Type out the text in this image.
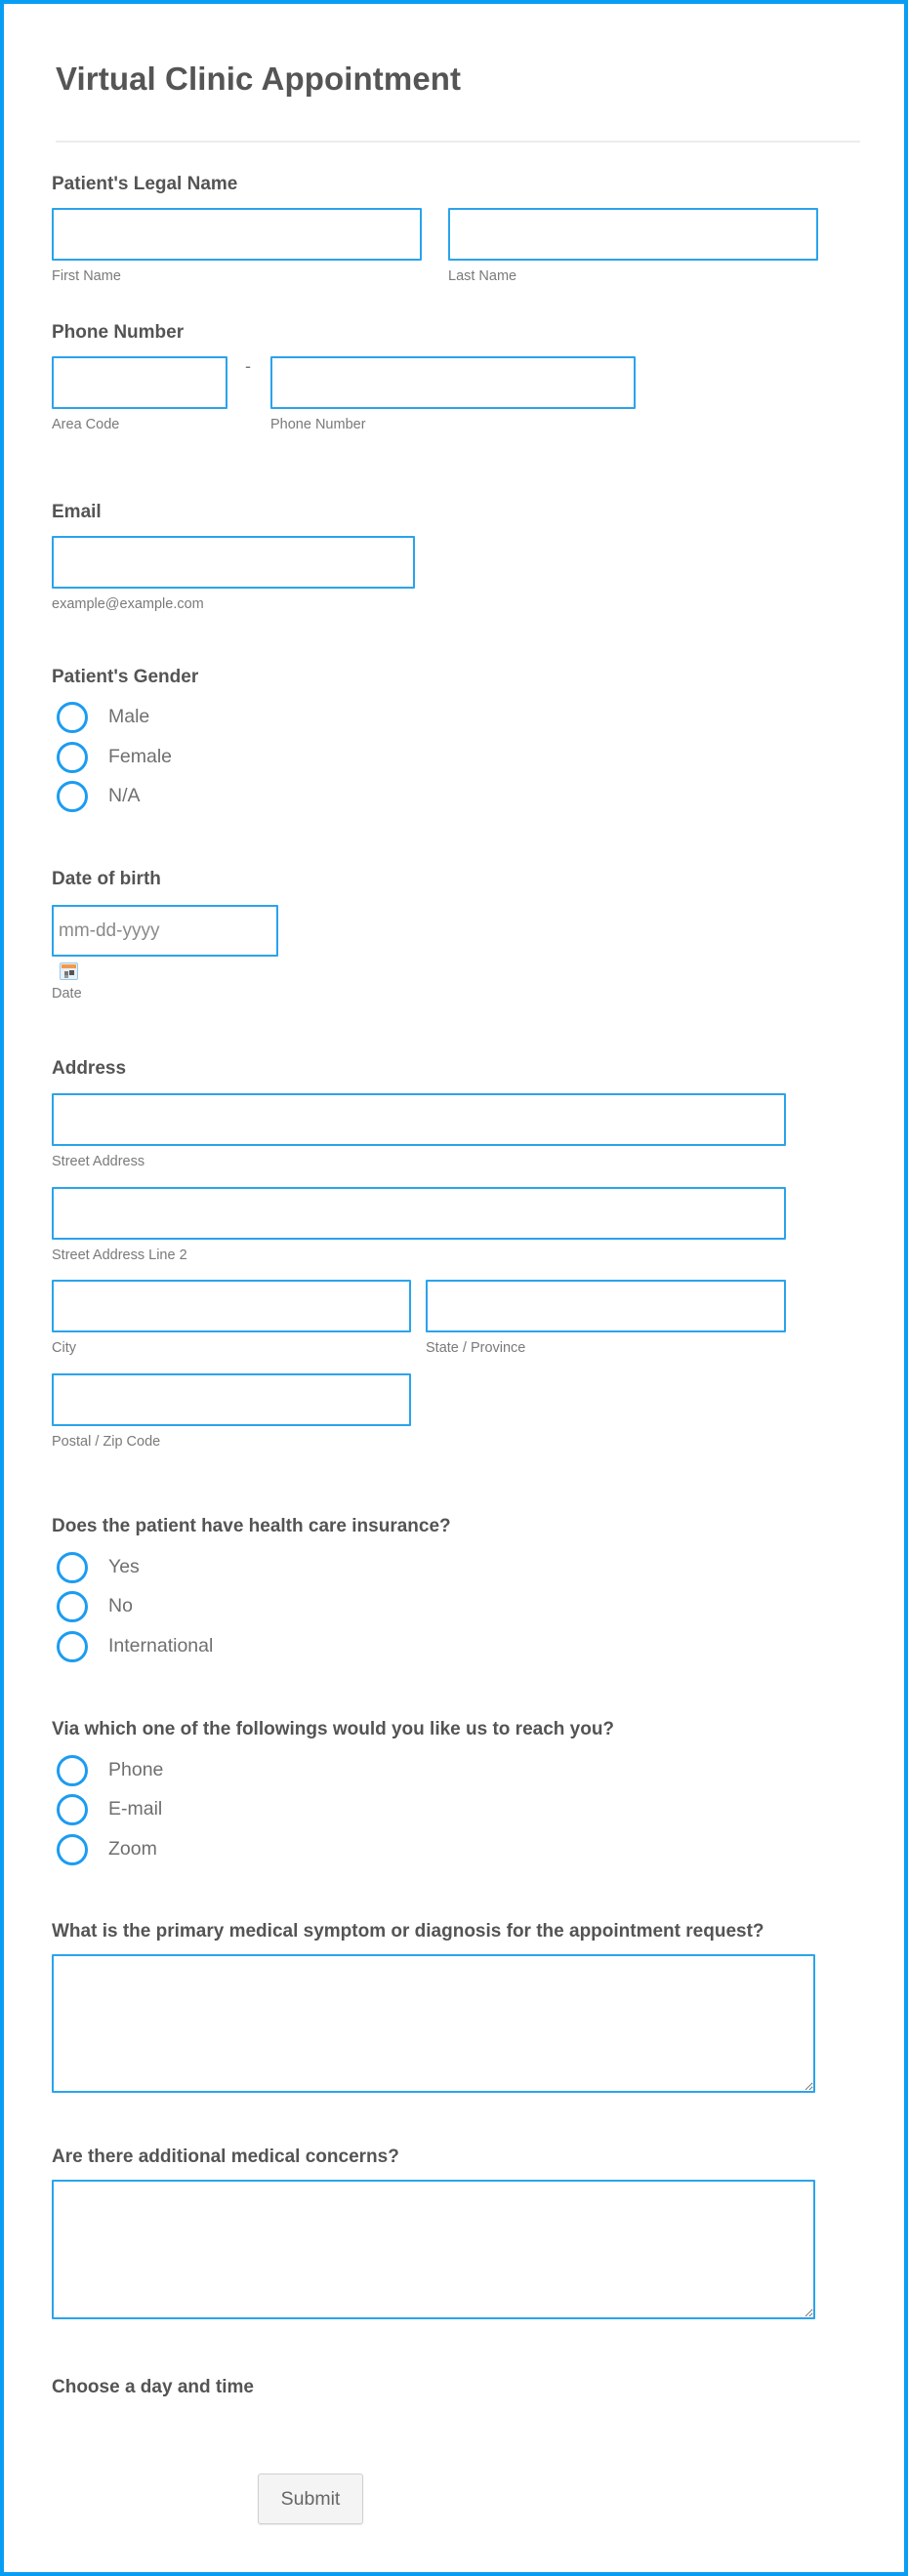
Virtual Clinic Appointment
Patient's Legal Name
First Name	Last Name
Phone Number
Area Code
-
Phone Number
Email
example@example.com
Patient's Gender
Male
Female
N/A
Date of birth
mm-dd-yyyy
Date
Address
Street Address
Street Address Line 2
City	State / Province
Postal / Zip Code
Does the patient have health care insurance?
Yes
No
International
Via which one of the followings would you like us to reach you?
Phone
E-mail
Zoom
What is the primary medical symptom or diagnosis for the appointment request?
Are there additional medical concerns?
Choose a day and time
Submit
